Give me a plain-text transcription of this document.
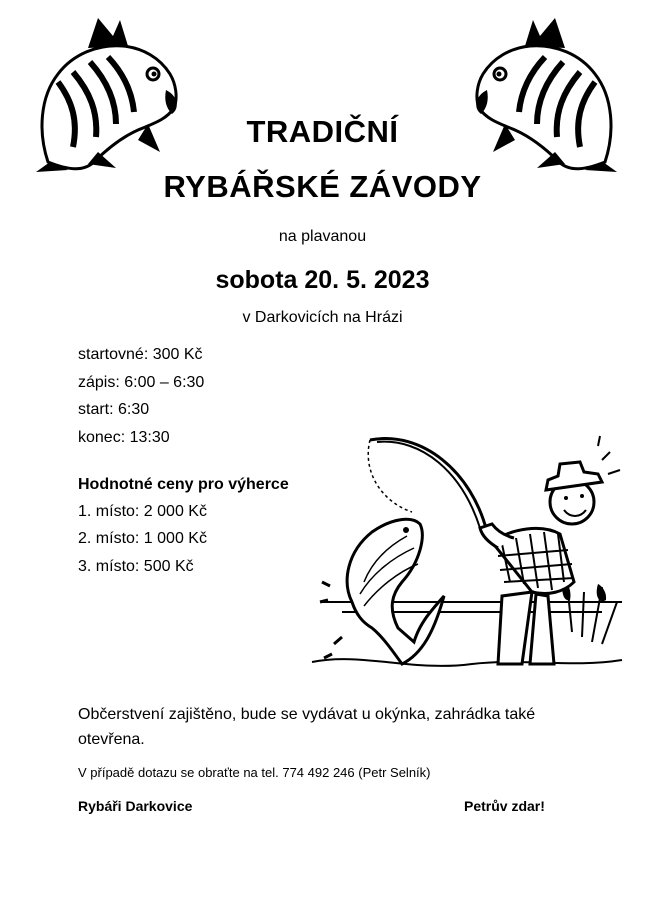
TRADIČNÍ
RYBÁŘSKÉ ZÁVODY
na plavanou
sobota 20. 5. 2023
v Darkovicích na Hrázi
startovné: 300 Kč
zápis: 6:00 – 6:30
start: 6:30
konec: 13:30
Hodnotné ceny pro výherce
1. místo: 2 000 Kč
2. místo: 1 000 Kč
3. místo: 500 Kč
Občerstvení zajištěno, bude se vydávat u okýnka, zahrádka také otevřena.
V případě dotazu se obraťte na tel. 774 492 246 (Petr Selník)
Rybáři Darkovice	Petrův zdar!
